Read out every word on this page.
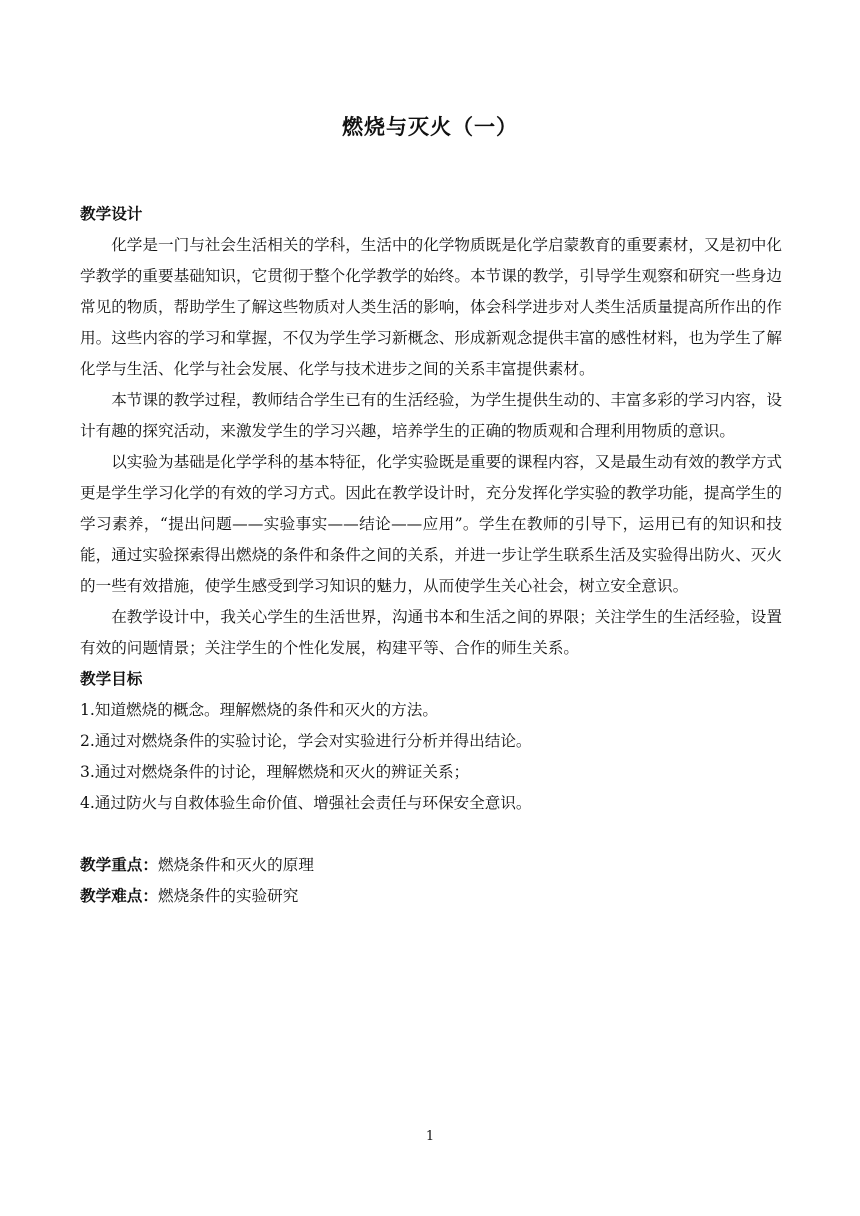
燃烧与灭火（一）

教学设计

化学是一门与社会生活相关的学科，生活中的化学物质既是化学启蒙教育的重要素材，又是初中化学教学的重要基础知识，它贯彻于整个化学教学的始终。本节课的教学，引导学生观察和研究一些身边常见的物质，帮助学生了解这些物质对人类生活的影响，体会科学进步对人类生活质量提高所作出的作用。这些内容的学习和掌握，不仅为学生学习新概念、形成新观念提供丰富的感性材料，也为学生了解化学与生活、化学与社会发展、化学与技术进步之间的关系丰富提供素材。

本节课的教学过程，教师结合学生已有的生活经验，为学生提供生动的、丰富多彩的学习内容，设计有趣的探究活动，来激发学生的学习兴趣，培养学生的正确的物质观和合理利用物质的意识。

以实验为基础是化学学科的基本特征，化学实验既是重要的课程内容，又是最生动有效的教学方式更是学生学习化学的有效的学习方式。因此在教学设计时，充分发挥化学实验的教学功能，提高学生的学习素养，“提出问题——实验事实——结论——应用”。学生在教师的引导下，运用已有的知识和技能，通过实验探索得出燃烧的条件和条件之间的关系，并进一步让学生联系生活及实验得出防火、灭火的一些有效措施，使学生感受到学习知识的魅力，从而使学生关心社会，树立安全意识。

在教学设计中，我关心学生的生活世界，沟通书本和生活之间的界限；关注学生的生活经验，设置有效的问题情景；关注学生的个性化发展，构建平等、合作的师生关系。

教学目标

1.知道燃烧的概念。理解燃烧的条件和灭火的方法。

2.通过对燃烧条件的实验讨论，学会对实验进行分析并得出结论。

3.通过对燃烧条件的讨论，理解燃烧和灭火的辨证关系；

4.通过防火与自救体验生命价值、增强社会责任与环保安全意识。

教学重点：燃烧条件和灭火的原理

教学难点：燃烧条件的实验研究

1
